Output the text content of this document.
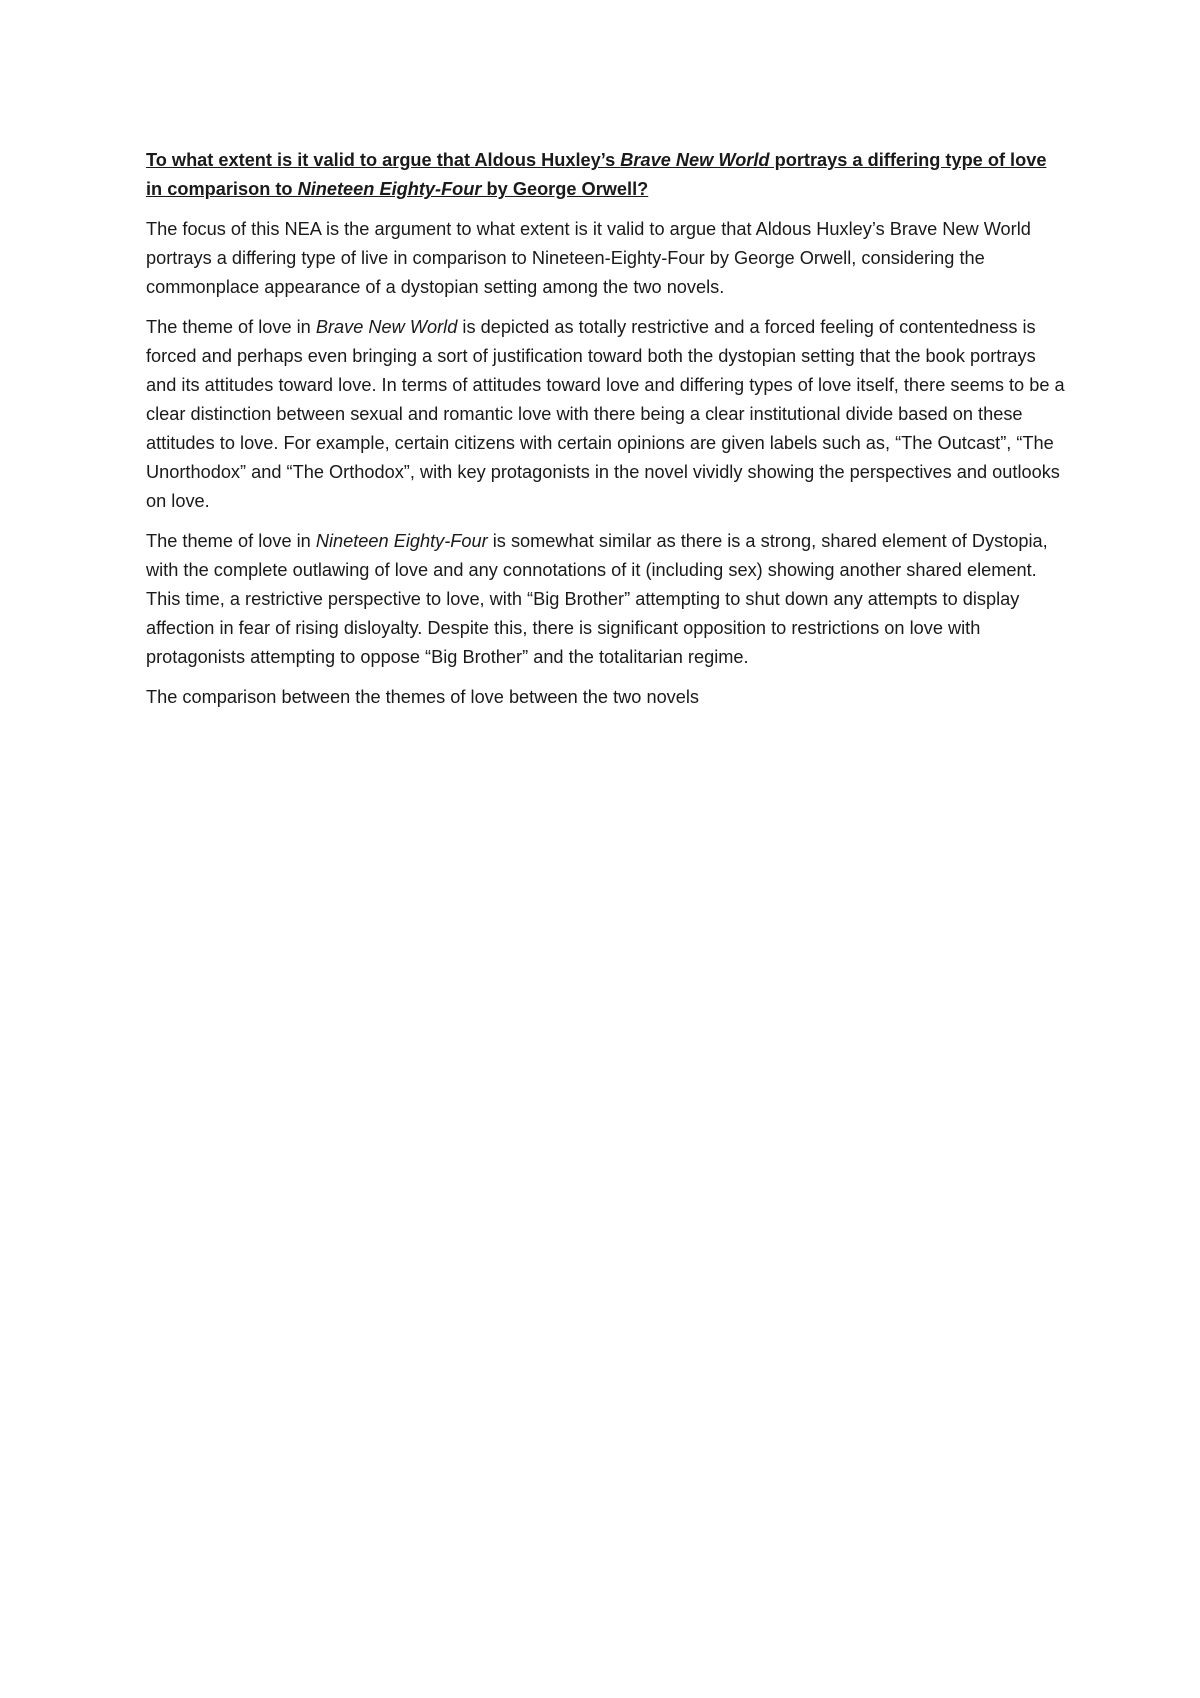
To what extent is it valid to argue that Aldous Huxley’s Brave New World portrays a differing type of love in comparison to Nineteen Eighty-Four by George Orwell?

The focus of this NEA is the argument to what extent is it valid to argue that Aldous Huxley’s Brave New World portrays a differing type of live in comparison to Nineteen-Eighty-Four by George Orwell, considering the commonplace appearance of a dystopian setting among the two novels.

The theme of love in Brave New World is depicted as totally restrictive and a forced feeling of contentedness is forced and perhaps even bringing a sort of justification toward both the dystopian setting that the book portrays and its attitudes toward love. In terms of attitudes toward love and differing types of love itself, there seems to be a clear distinction between sexual and romantic love with there being a clear institutional divide based on these attitudes to love. For example, certain citizens with certain opinions are given labels such as, “The Outcast”, “The Unorthodox” and “The Orthodox”, with key protagonists in the novel vividly showing the perspectives and outlooks on love.

The theme of love in Nineteen Eighty-Four is somewhat similar as there is a strong, shared element of Dystopia, with the complete outlawing of love and any connotations of it (including sex) showing another shared element. This time, a restrictive perspective to love, with “Big Brother” attempting to shut down any attempts to display affection in fear of rising disloyalty. Despite this, there is significant opposition to restrictions on love with protagonists attempting to oppose “Big Brother” and the totalitarian regime.

The comparison between the themes of love between the two novels
